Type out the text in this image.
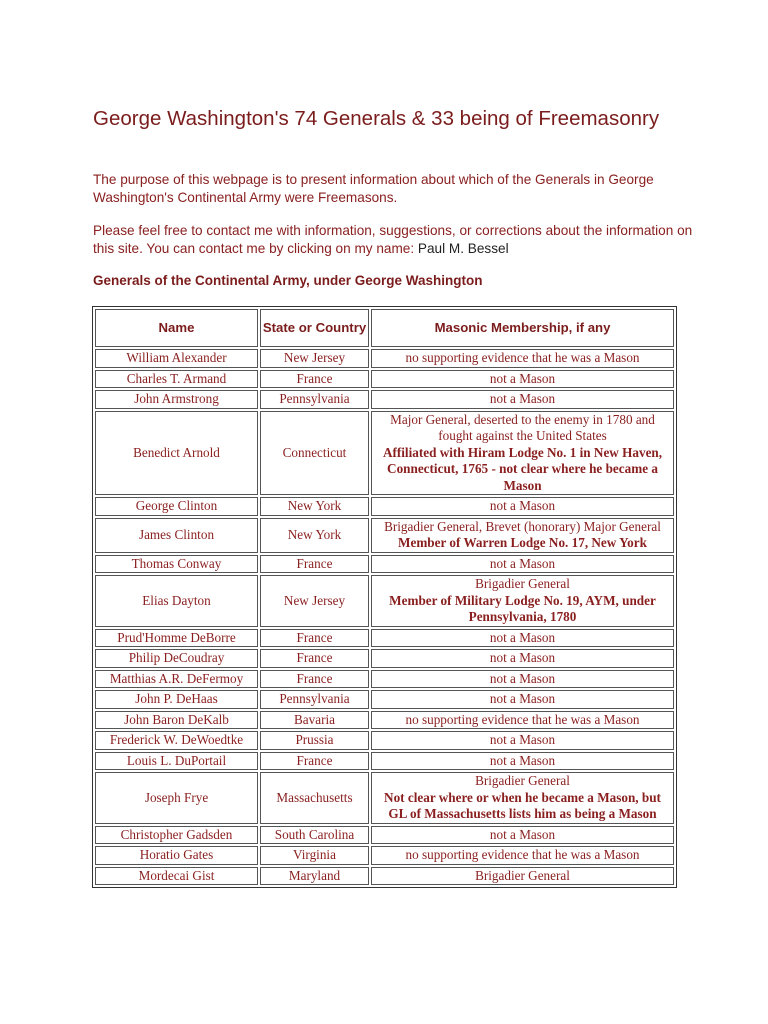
George Washington's 74 Generals & 33 being of Freemasonry

The purpose of this webpage is to present information about which of the Generals in George Washington's Continental Army were Freemasons.

Please feel free to contact me with information, suggestions, or corrections about the information on this site. You can contact me by clicking on my name: Paul M. Bessel

Generals of the Continental Army, under George Washington
Name	State or Country	Masonic Membership, if any
William Alexander	New Jersey	no supporting evidence that he was a Mason

Charles T. Armand	France	not a Mason

John Armstrong	Pennsylvania	not a Mason

Benedict Arnold	Connecticut	Major General, deserted to the enemy in 1780 and fought against the United States
Affiliated with Hiram Lodge No. 1 in New Haven, Connecticut, 1765 - not clear where he became a Mason

George Clinton	New York	not a Mason

James Clinton	New York	Brigadier General, Brevet (honorary) Major General
Member of Warren Lodge No. 17, New York

Thomas Conway	France	not a Mason

Elias Dayton	New Jersey	Brigadier General
Member of Military Lodge No. 19, AYM, under Pennsylvania, 1780

Prud'Homme DeBorre	France	not a Mason

Philip DeCoudray	France	not a Mason

Matthias A.R. DeFermoy	France	not a Mason

John P. DeHaas	Pennsylvania	not a Mason

John Baron DeKalb	Bavaria	no supporting evidence that he was a Mason

Frederick W. DeWoedtke	Prussia	not a Mason

Louis L. DuPortail	France	not a Mason

Joseph Frye	Massachusetts	Brigadier General
Not clear where or when he became a Mason, but GL of Massachusetts lists him as being a Mason

Christopher Gadsden	South Carolina	not a Mason

Horatio Gates	Virginia	no supporting evidence that he was a Mason

Mordecai Gist	Maryland	Brigadier General
